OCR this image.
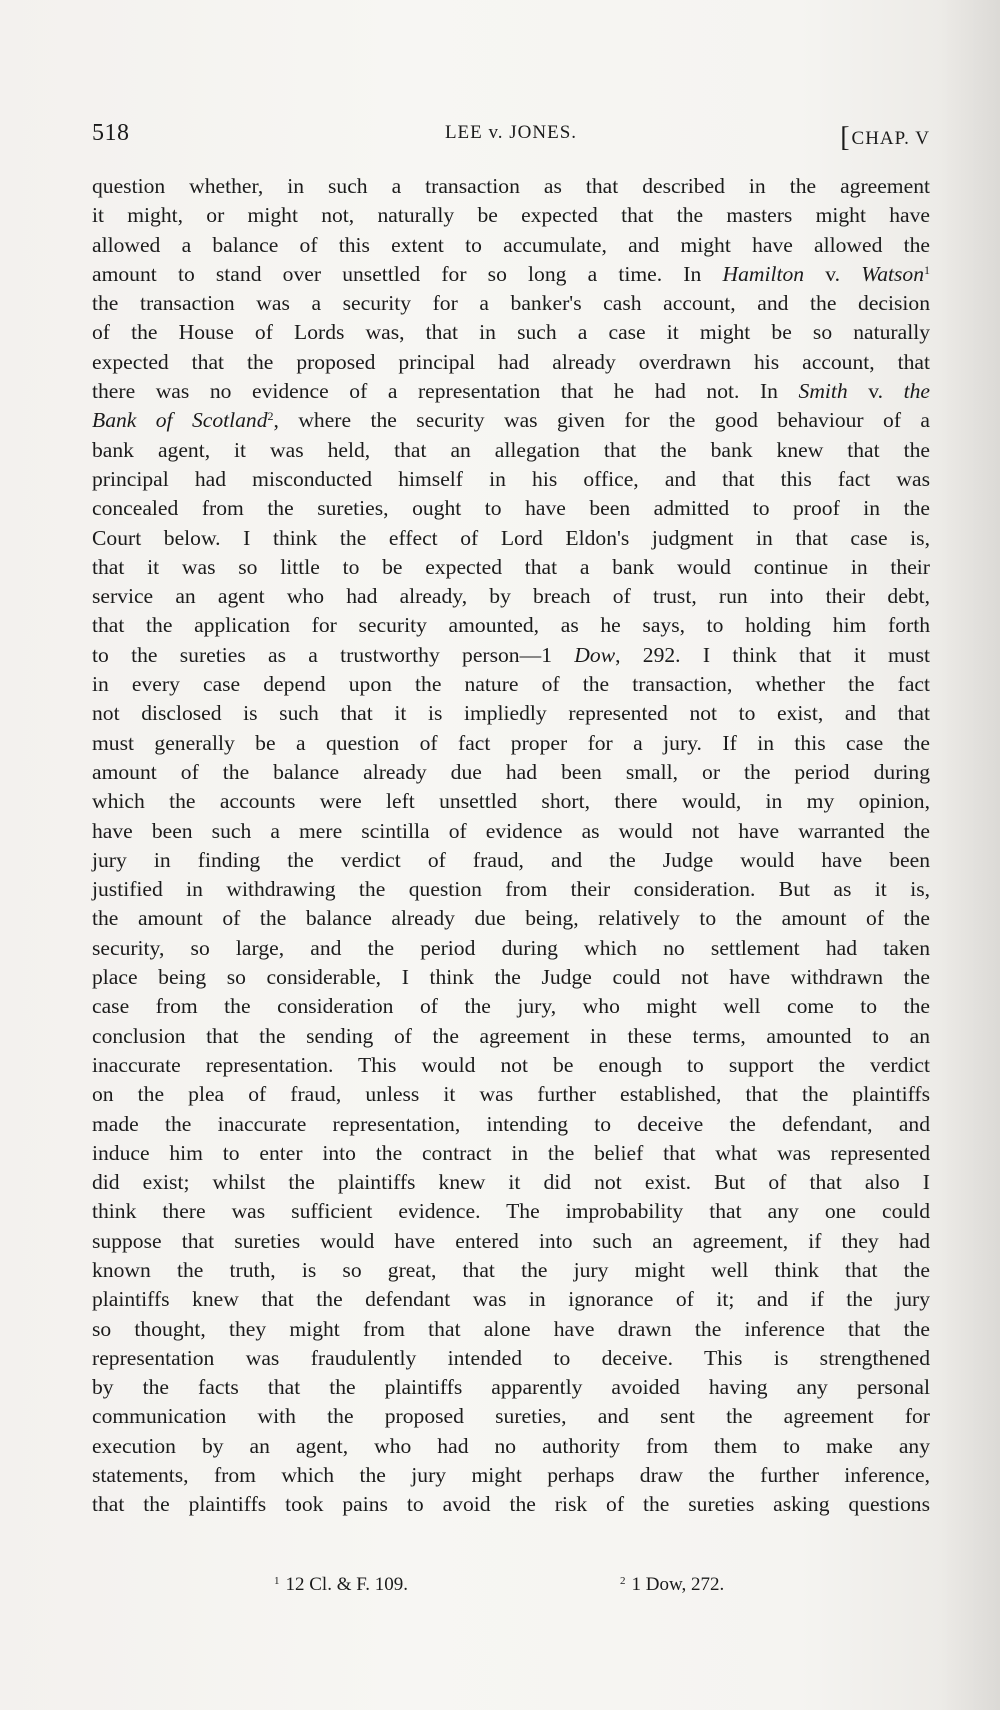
518	LEE v. JONES.	[CHAP. V
question whether, in such a transaction as that described in the agreement
it might, or might not, naturally be expected that the masters might have
allowed a balance of this extent to accumulate, and might have allowed the
amount to stand over unsettled for so long a time. In Hamilton v. Watson$^1$
the transaction was a security for a banker's cash account, and the decision
of the House of Lords was, that in such a case it might be so naturally
expected that the proposed principal had already overdrawn his account, that
there was no evidence of a representation that he had not. In Smith v. the
Bank of Scotland$^2$, where the security was given for the good behaviour of a
bank agent, it was held, that an allegation that the bank knew that the
principal had misconducted himself in his office, and that this fact was
concealed from the sureties, ought to have been admitted to proof in the
Court below. I think the effect of Lord Eldon's judgment in that case is,
that it was so little to be expected that a bank would continue in their
service an agent who had already, by breach of trust, run into their debt,
that the application for security amounted, as he says, to holding him forth
to the sureties as a trustworthy person—1 Dow, 292. I think that it must
in every case depend upon the nature of the transaction, whether the fact
not disclosed is such that it is impliedly represented not to exist, and that
must generally be a question of fact proper for a jury. If in this case the
amount of the balance already due had been small, or the period during
which the accounts were left unsettled short, there would, in my opinion,
have been such a mere scintilla of evidence as would not have warranted the
jury in finding the verdict of fraud, and the Judge would have been
justified in withdrawing the question from their consideration. But as it is,
the amount of the balance already due being, relatively to the amount of the
security, so large, and the period during which no settlement had taken
place being so considerable, I think the Judge could not have withdrawn the
case from the consideration of the jury, who might well come to the
conclusion that the sending of the agreement in these terms, amounted to an
inaccurate representation. This would not be enough to support the verdict
on the plea of fraud, unless it was further established, that the plaintiffs
made the inaccurate representation, intending to deceive the defendant, and
induce him to enter into the contract in the belief that what was represented
did exist; whilst the plaintiffs knew it did not exist. But of that also I
think there was sufficient evidence. The improbability that any one could
suppose that sureties would have entered into such an agreement, if they had
known the truth, is so great, that the jury might well think that the
plaintiffs knew that the defendant was in ignorance of it; and if the jury
so thought, they might from that alone have drawn the inference that the
representation was fraudulently intended to deceive. This is strengthened
by the facts that the plaintiffs apparently avoided having any personal
communication with the proposed sureties, and sent the agreement for
execution by an agent, who had no authority from them to make any
statements, from which the jury might perhaps draw the further inference,
that the plaintiffs took pains to avoid the risk of the sureties asking questions
$^1$ 12 Cl. & F. 109.	$^2$ 1 Dow, 272.
